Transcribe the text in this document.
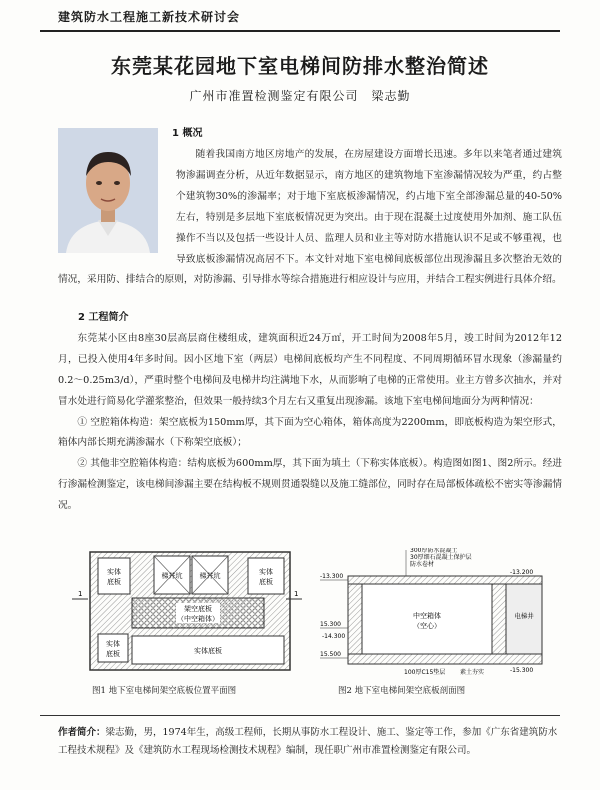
建筑防水工程施工新技术研讨会
东莞某花园地下室电梯间防排水整治简述
广州市准置检测鉴定有限公司　梁志勤
1 概况

随着我国南方地区房地产的发展，在房屋建设方面增长迅速。多年以来笔者通过建筑物渗漏调查分析，从近年数据显示，南方地区的建筑物地下室渗漏情况较为严重，约占整个建筑物30%的渗漏率；对于地下室底板渗漏情况，约占地下室全部渗漏总量的40-50%左右，特别是多层地下室底板情况更为突出。由于现在混凝土过度使用外加剂、施工队伍操作不当以及包括一些设计人员、监理人员和业主等对防水措施认识不足或不够重视，也导致底板渗漏情况高居不下。本文针对地下室电梯间底板部位出现渗漏且多次整治无效的情况，采用防、排结合的原则，对防渗漏、引导排水等综合措施进行相应设计与应用，并结合工程实例进行具体介绍。

2 工程简介

东莞某小区由8座30层高层商住楼组成，建筑面积近24万㎡，开工时间为2008年5月，竣工时间为2012年12月，已投入使用4年多时间。因小区地下室（两层）电梯间底板均产生不同程度、不同周期循环冒水现象（渗漏量约0.2～0.25m3/d），严重时整个电梯间及电梯井均注满地下水，从而影响了电梯的正常使用。业主方曾多次抽水，并对冒水处进行简易化学灌浆整治，但效果一般持续3个月左右又重复出现渗漏。该地下室电梯间地面分为两种情况：

① 空腔箱体构造：架空底板为150mm厚，其下面为空心箱体，箱体高度为2200mm，即底板构造为架空形式，箱体内部长期充满渗漏水（下称架空底板）；

② 其他非空腔箱体构造：结构底板为600mm厚，其下面为填土（下称实体底板）。构造图如图1、图2所示。经进行渗漏检测鉴定，该电梯间渗漏主要在结构板不规则贯通裂缝以及施工缝部位，同时存在局部板体疏松不密实等渗漏情况。

实体
底板
梯井坑 梯井坑	实体
底板
架空底板
（中空箱体）
实体
底板	实体底板
1	1
图1 地下室电梯间架空底板位置平面图
-13.300
15.300
15.500
-13.200
-15.300
-14.300
300厚防水混凝土
30厚细石混凝土保护层
防水卷材
中空箱体
（空心）
电梯井
100厚C15垫层 素土夯实
图2 地下室电梯间架空底板剖面图
作者简介：梁志勤，男，1974年生，高级工程师，长期从事防水工程设计、施工、鉴定等工作，参加《广东省建筑防水工程技术规程》及《建筑防水工程现场检测技术规程》编制，现任职广州市准置检测鉴定有限公司。
